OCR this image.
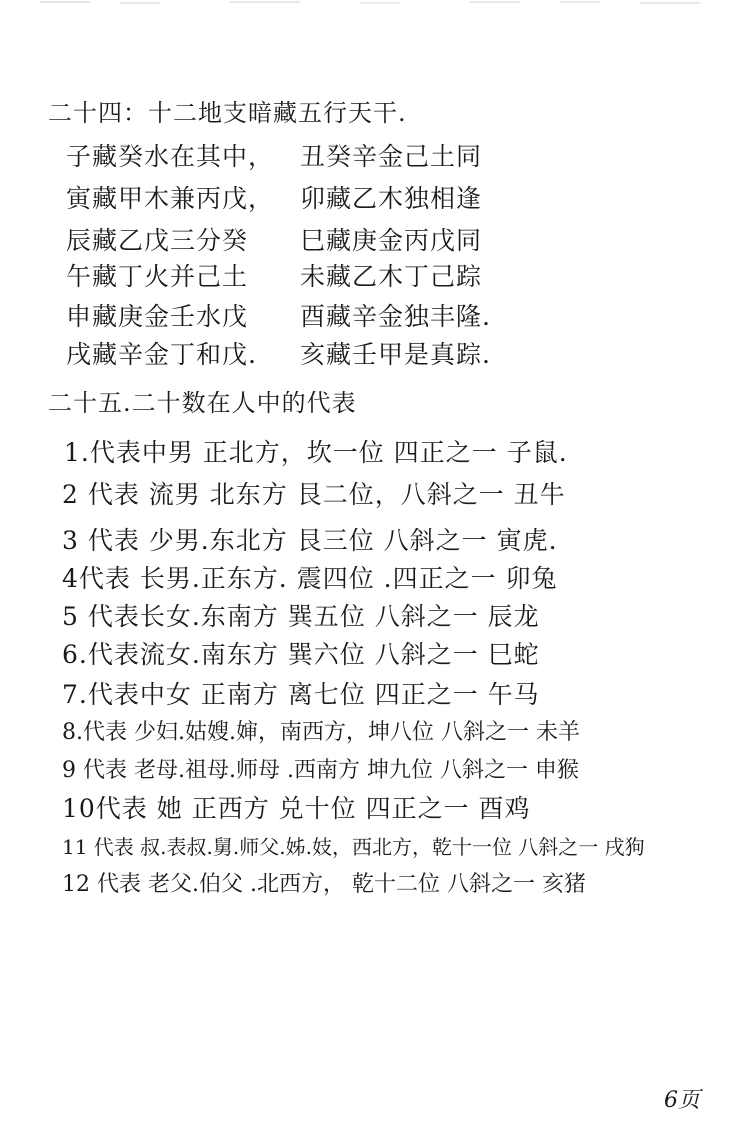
二十四：十二地支暗藏五行天干.
子藏癸水在其中， 丑癸辛金己土同
寅藏甲木兼丙戊， 卯藏乙木独相逢
辰藏乙戊三分癸 巳藏庚金丙戊同
午藏丁火并己土 未藏乙木丁己踪
申藏庚金壬水戊 酉藏辛金独丰隆.
戌藏辛金丁和戊. 亥藏壬甲是真踪.
二十五.二十数在人中的代表
1.代表中男 正北方，坎一位 四正之一 子鼠.
2 代表 流男 北东方 艮二位，八斜之一 丑牛
3 代表 少男.东北方 艮三位 八斜之一 寅虎.
4代表 长男.正东方. 震四位 .四正之一 卯兔
5 代表长女.东南方 巽五位 八斜之一 辰龙
6.代表流女.南东方 巽六位 八斜之一 巳蛇
7.代表中女 正南方 离七位 四正之一 午马
8.代表 少妇.姑嫂.婶，南西方，坤八位 八斜之一 未羊
9 代表 老母.祖母.师母 .西南方 坤九位 八斜之一 申猴
10代表 她 正西方 兑十位 四正之一 酉鸡
11 代表 叔.表叔.舅.师父.姊.妓，西北方，乾十一位 八斜之一 戌狗
12 代表 老父.伯父 .北西方， 乾十二位 八斜之一 亥猪
6页
